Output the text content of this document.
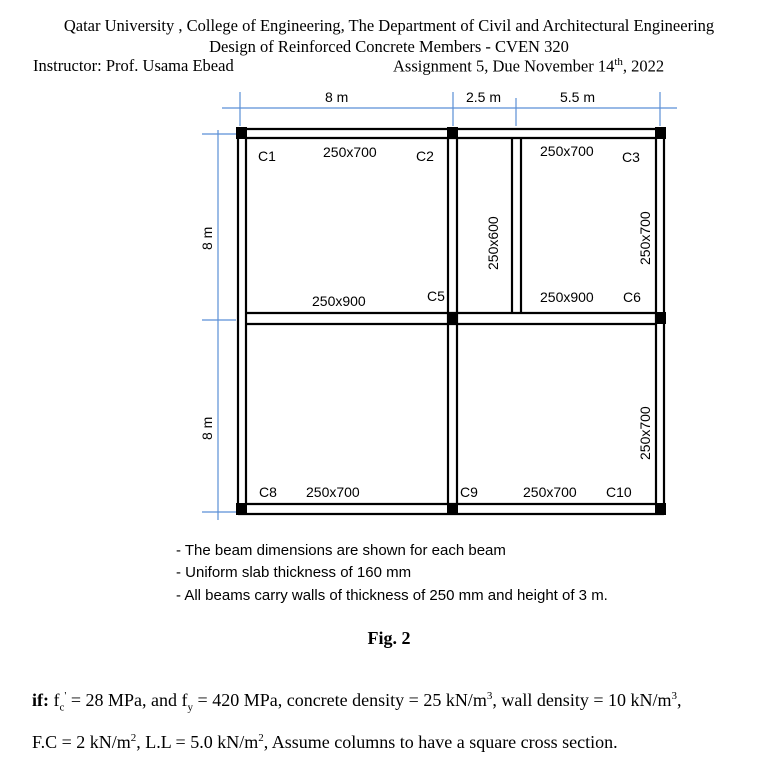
Qatar University , College of Engineering, The Department of Civil and Architectural Engineering
Design of Reinforced Concrete Members - CVEN 320
Instructor: Prof. Usama Ebead	Assignment 5, Due November 14th, 2022
8 m	2.5 m	5.5 m
8 m
8 m
C1	C2	C3
C5	C6
C8	C9	C10
250x700	250x700
250x900	250x900
250x700	250x700
250x600	250x700
250x700
- The beam dimensions are shown for each beam
- Uniform slab thickness of 160 mm
- All beams carry walls of thickness of 250 mm and height of 3 m.
Fig. 2
if: $f_c' = 28$ MPa, and $f_y = 420$ MPa, concrete density = 25 $kN/m^3$, wall density = 10 $kN/m^3$,
F.C = 2 $kN/m^2$, L.L = 5.0 $kN/m^2$, Assume columns to have a square cross section.
